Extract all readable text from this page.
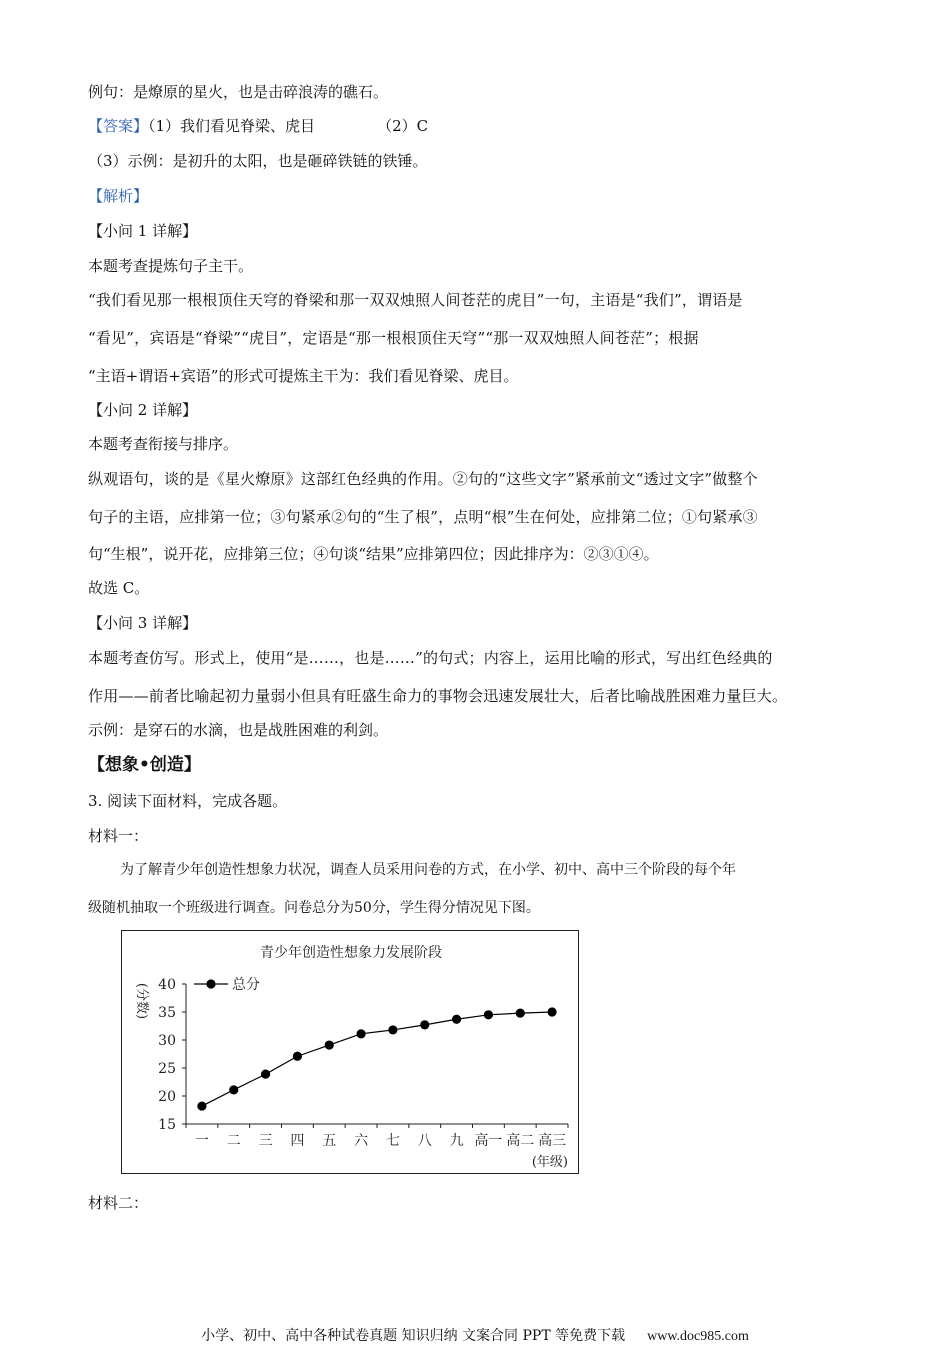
例句：是燎原的星火，也是击碎浪涛的礁石。
【答案】（1）我们看见脊梁、虎目	（2）C
（3）示例：是初升的太阳，也是砸碎铁链的铁锤。
【解析】
【小问 1 详解】
本题考查提炼句子主干。
“我们看见那一根根顶住天穹的脊梁和那一双双烛照人间苍茫的虎目”一句，主语是“我们”，谓语是
“看见”，宾语是“脊梁”“虎目”，定语是“那一根根顶住天穹”“那一双双烛照人间苍茫”；根据
“主语+谓语+宾语”的形式可提炼主干为：我们看见脊梁、虎目。
【小问 2 详解】
本题考查衔接与排序。
纵观语句，谈的是《星火燎原》这部红色经典的作用。②句的“这些文字”紧承前文“透过文字”做整个
句子的主语，应排第一位；③句紧承②句的“生了根”，点明“根”生在何处，应排第二位；①句紧承③
句“生根”，说开花，应排第三位；④句谈“结果”应排第四位；因此排序为：②③①④。
故选 C。
【小问 3 详解】
本题考查仿写。形式上，使用“是……，也是……”的句式；内容上，运用比喻的形式，写出红色经典的
作用——前者比喻起初力量弱小但具有旺盛生命力的事物会迅速发展壮大，后者比喻战胜困难力量巨大。
示例：是穿石的水滴，也是战胜困难的利剑。
【想象•创造】
3. 阅读下面材料，完成各题。
材料一：
为了解青少年创造性想象力状况，调查人员采用问卷的方式，在小学、初中、高中三个阶段的每个年
级随机抽取一个班级进行调查。问卷总分为50分，学生得分情况见下图。
青少年创造性想象力发展阶段
(分数)
15
20
25
30
35
40
一 二 三 四 五 六 七 八 九 高一 高二 高三
(年级)
总分
材料二：
小学、初中、高中各种试卷真题 知识归纳 文案合同 PPT 等免费下载 www.doc985.com
